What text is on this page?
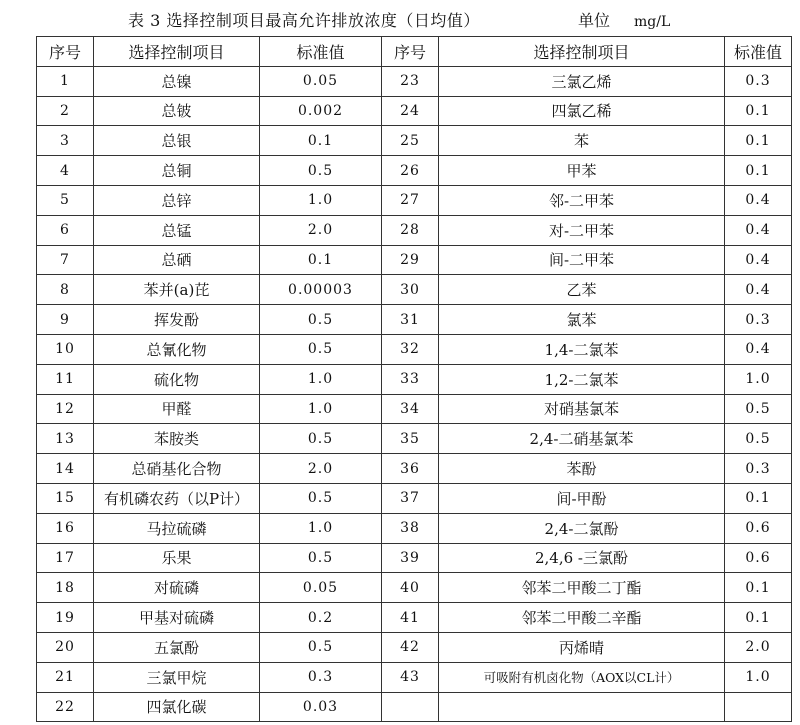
表 3 选择控制项目最高允许排放浓度（日均值）	单位 mg/L
序号	选择控制项目	标准值	序号	选择控制项目	标准值
1	总镍	0.05	23	三氯乙烯	0.3
2	总铍	0.002	24	四氯乙稀	0.1
3	总银	0.1	25	苯	0.1
4	总铜	0.5	26	甲苯	0.1
5	总锌	1.0	27	邻-二甲苯	0.4
6	总锰	2.0	28	对-二甲苯	0.4
7	总硒	0.1	29	间-二甲苯	0.4
8	苯并(a)芘	0.00003	30	乙苯	0.4
9	挥发酚	0.5	31	氯苯	0.3
10	总氰化物	0.5	32	1,4-二氯苯	0.4
11	硫化物	1.0	33	1,2-二氯苯	1.0
12	甲醛	1.0	34	对硝基氯苯	0.5
13	苯胺类	0.5	35	2,4-二硝基氯苯	0.5
14	总硝基化合物	2.0	36	苯酚	0.3
15	有机磷农药（以P计）	0.5	37	间-甲酚	0.1
16	马拉硫磷	1.0	38	2,4-二氯酚	0.6
17	乐果	0.5	39	2,4,6 -三氯酚	0.6
18	对硫磷	0.05	40	邻苯二甲酸二丁酯	0.1
19	甲基对硫磷	0.2	41	邻苯二甲酸二辛酯	0.1
20	五氯酚	0.5	42	丙烯晴	2.0
21	三氯甲烷	0.3	43	可吸附有机卤化物（AOX以CL计）	1.0
22	四氯化碳	0.03			
